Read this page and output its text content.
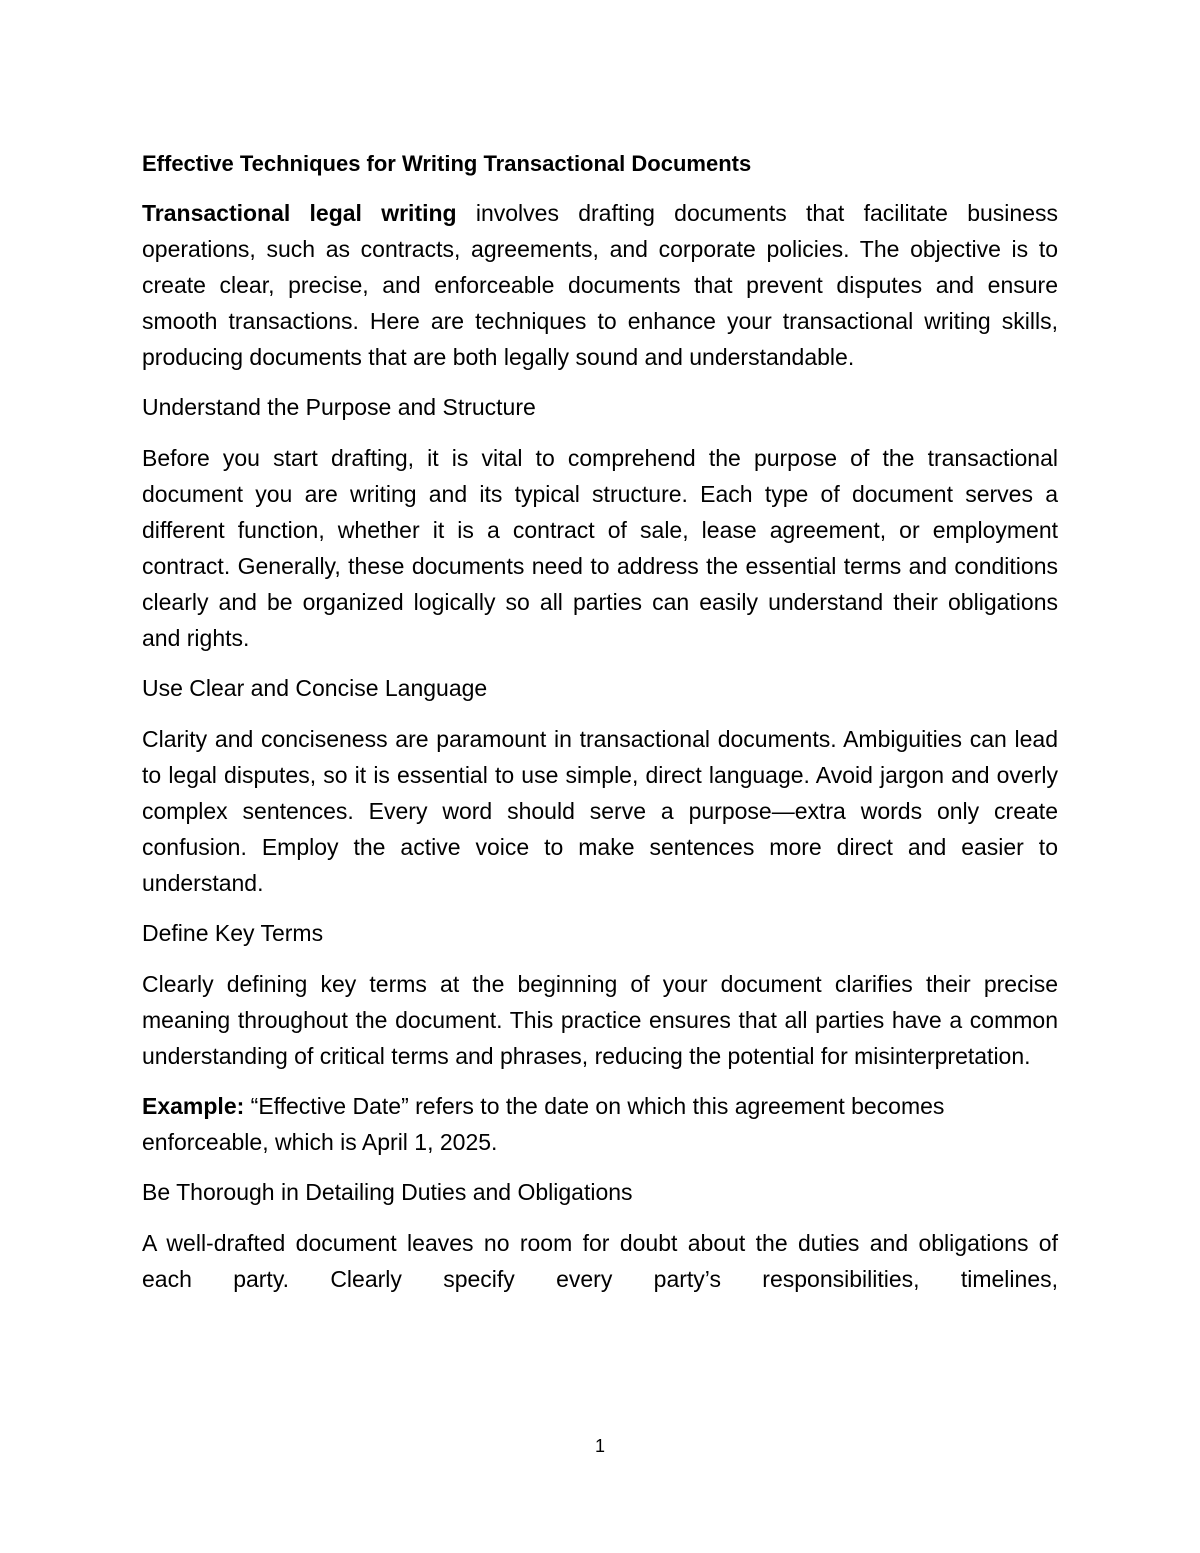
Effective Techniques for Writing Transactional Documents

Transactional legal writing involves drafting documents that facilitate business operations, such as contracts, agreements, and corporate policies. The objective is to create clear, precise, and enforceable documents that prevent disputes and ensure smooth transactions. Here are techniques to enhance your transactional writing skills, producing documents that are both legally sound and understandable.

Understand the Purpose and Structure

Before you start drafting, it is vital to comprehend the purpose of the transactional document you are writing and its typical structure. Each type of document serves a different function, whether it is a contract of sale, lease agreement, or employment contract. Generally, these documents need to address the essential terms and conditions clearly and be organized logically so all parties can easily understand their obligations and rights.

Use Clear and Concise Language

Clarity and conciseness are paramount in transactional documents. Ambiguities can lead to legal disputes, so it is essential to use simple, direct language. Avoid jargon and overly complex sentences. Every word should serve a purpose—extra words only create confusion. Employ the active voice to make sentences more direct and easier to understand.

Define Key Terms

Clearly defining key terms at the beginning of your document clarifies their precise meaning throughout the document. This practice ensures that all parties have a common understanding of critical terms and phrases, reducing the potential for misinterpretation.

Example: “Effective Date” refers to the date on which this agreement becomes enforceable, which is April 1, 2025.

Be Thorough in Detailing Duties and Obligations

A well-drafted document leaves no room for doubt about the duties and obligations of each party. Clearly specify every party’s responsibilities, timelines,

1
